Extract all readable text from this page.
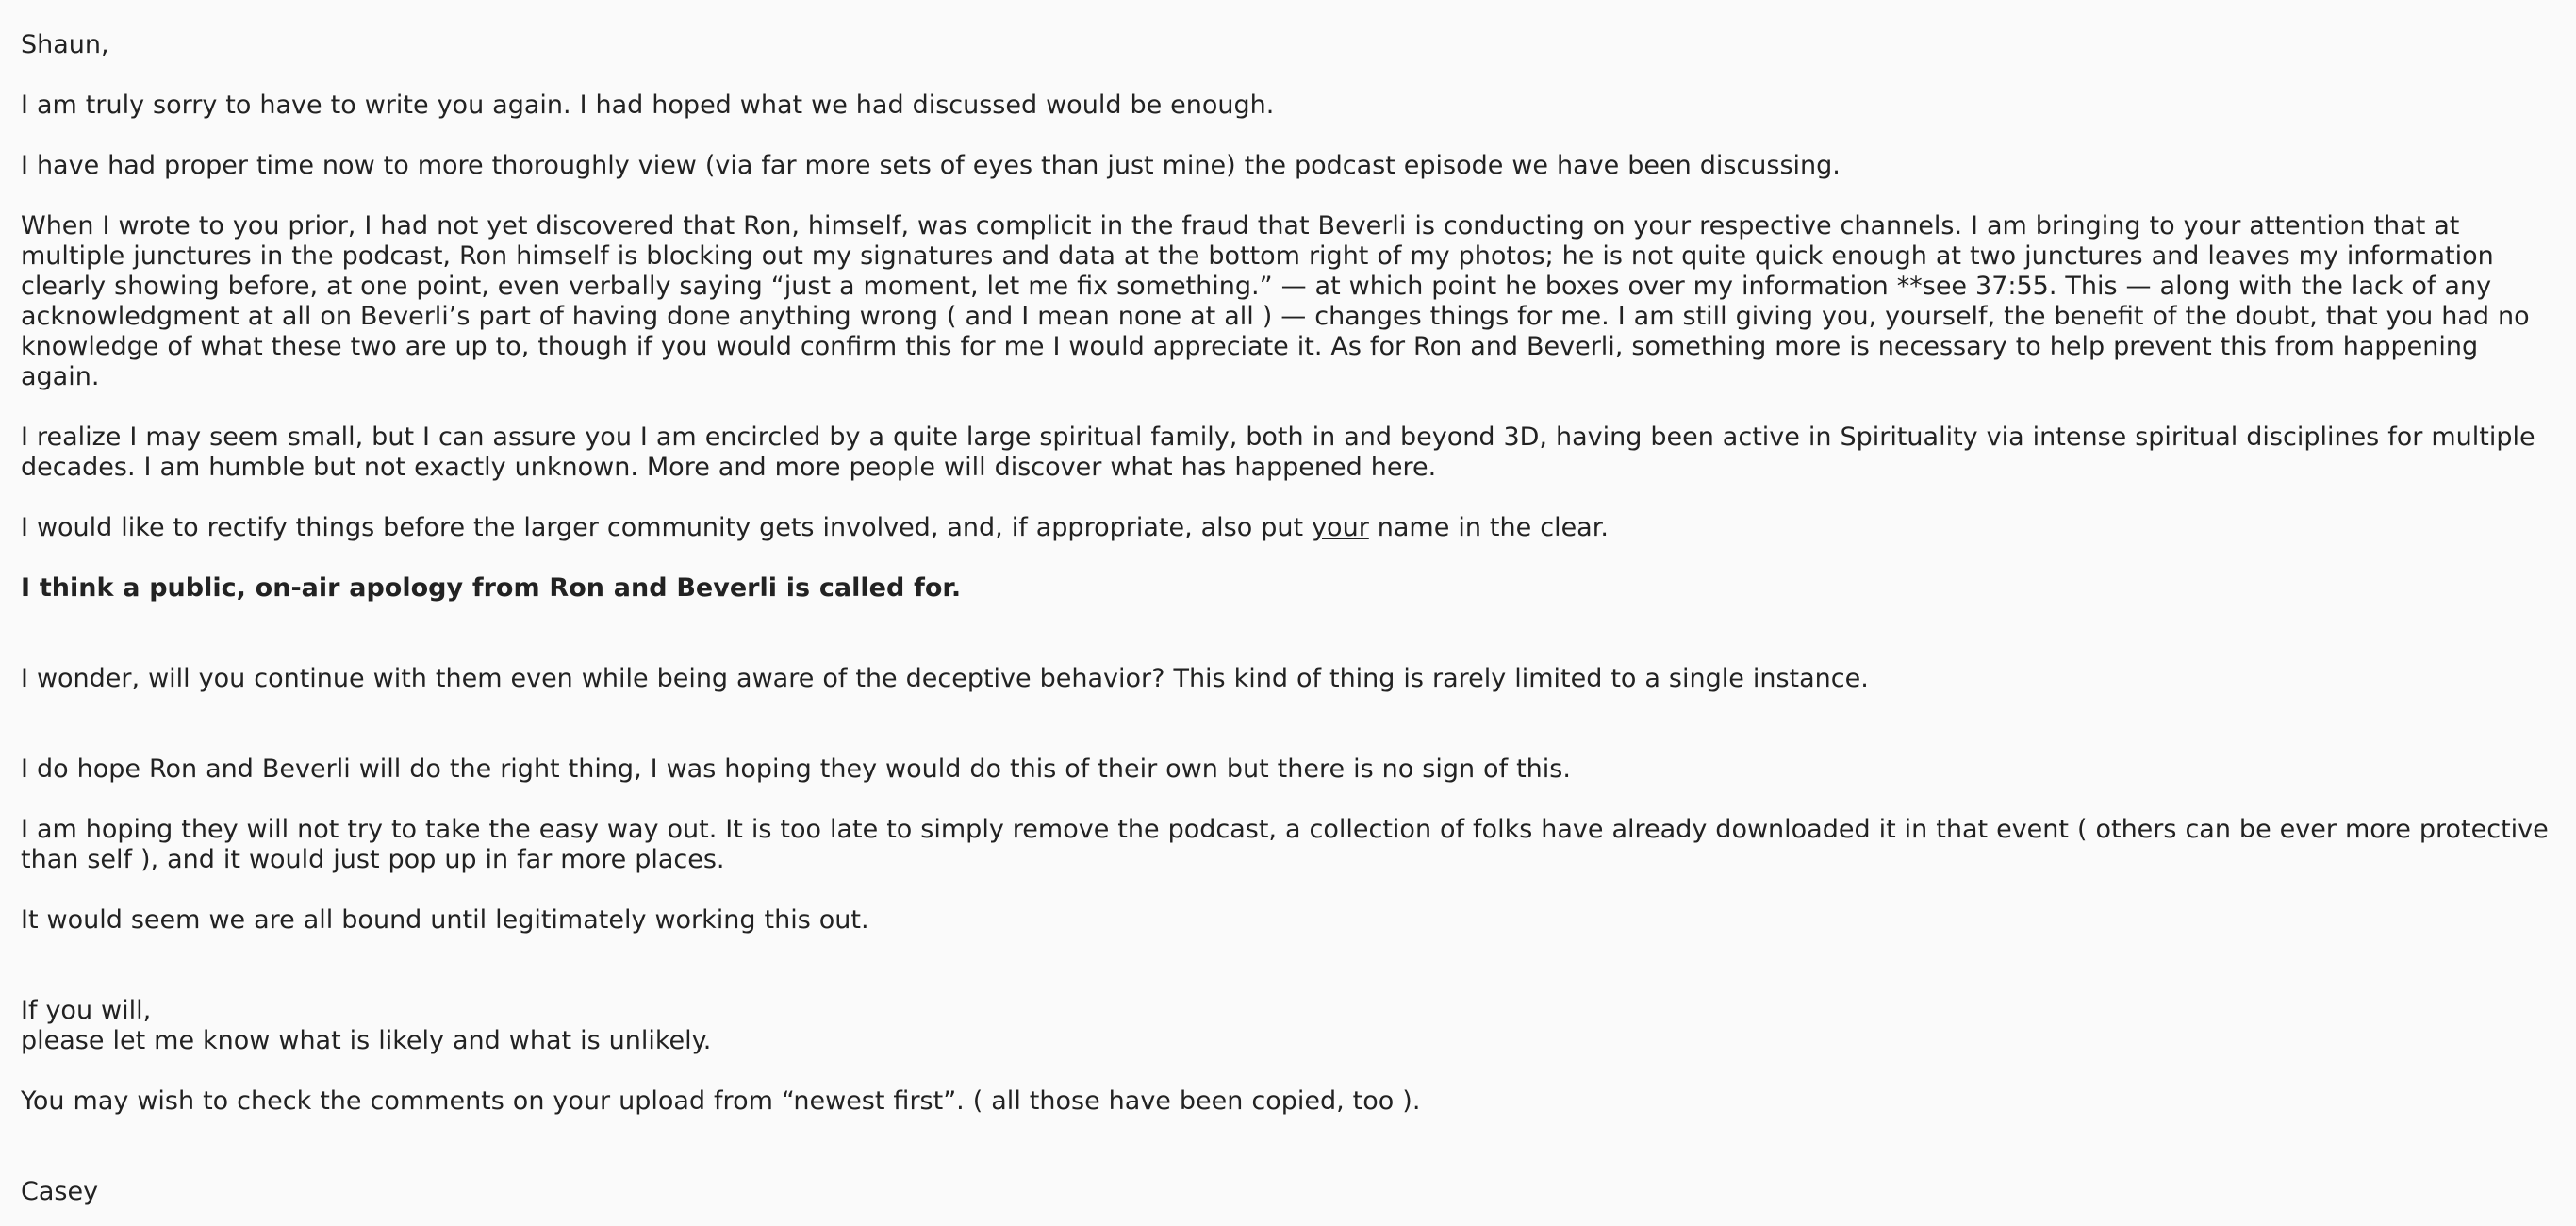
Shaun,
I am truly sorry to have to write you again. I had hoped what we had discussed would be enough.
I have had proper time now to more thoroughly view (via far more sets of eyes than just mine) the podcast episode we have been discussing.
When I wrote to you prior, I had not yet discovered that Ron, himself, was complicit in the fraud that Beverli is conducting on your respective channels. I am bringing to your attention that at multiple junctures in the podcast, Ron himself is blocking out my signatures and data at the bottom right of my photos; he is not quite quick enough at two junctures and leaves my information clearly showing before, at one point, even verbally saying “just a moment, let me fix something.” — at which point he boxes over my information **see 37:55. This — along with the lack of any acknowledgment at all on Beverli’s part of having done anything wrong ( and I mean none at all ) — changes things for me. I am still giving you, yourself, the benefit of the doubt, that you had no knowledge of what these two are up to, though if you would confirm this for me I would appreciate it. As for Ron and Beverli, something more is necessary to help prevent this from happening again.
I realize I may seem small, but I can assure you I am encircled by a quite large spiritual family, both in and beyond 3D, having been active in Spirituality via intense spiritual disciplines for multiple decades. I am humble but not exactly unknown. More and more people will discover what has happened here.
I would like to rectify things before the larger community gets involved, and, if appropriate, also put your name in the clear.
I think a public, on-air apology from Ron and Beverli is called for.
I wonder, will you continue with them even while being aware of the deceptive behavior? This kind of thing is rarely limited to a single instance.
I do hope Ron and Beverli will do the right thing, I was hoping they would do this of their own but there is no sign of this.
I am hoping they will not try to take the easy way out. It is too late to simply remove the podcast, a collection of folks have already downloaded it in that event ( others can be ever more protective than self ), and it would just pop up in far more places.
It would seem we are all bound until legitimately working this out.
If you will,
please let me know what is likely and what is unlikely.
You may wish to check the comments on your upload from “newest first”. ( all those have been copied, too ).
Casey
